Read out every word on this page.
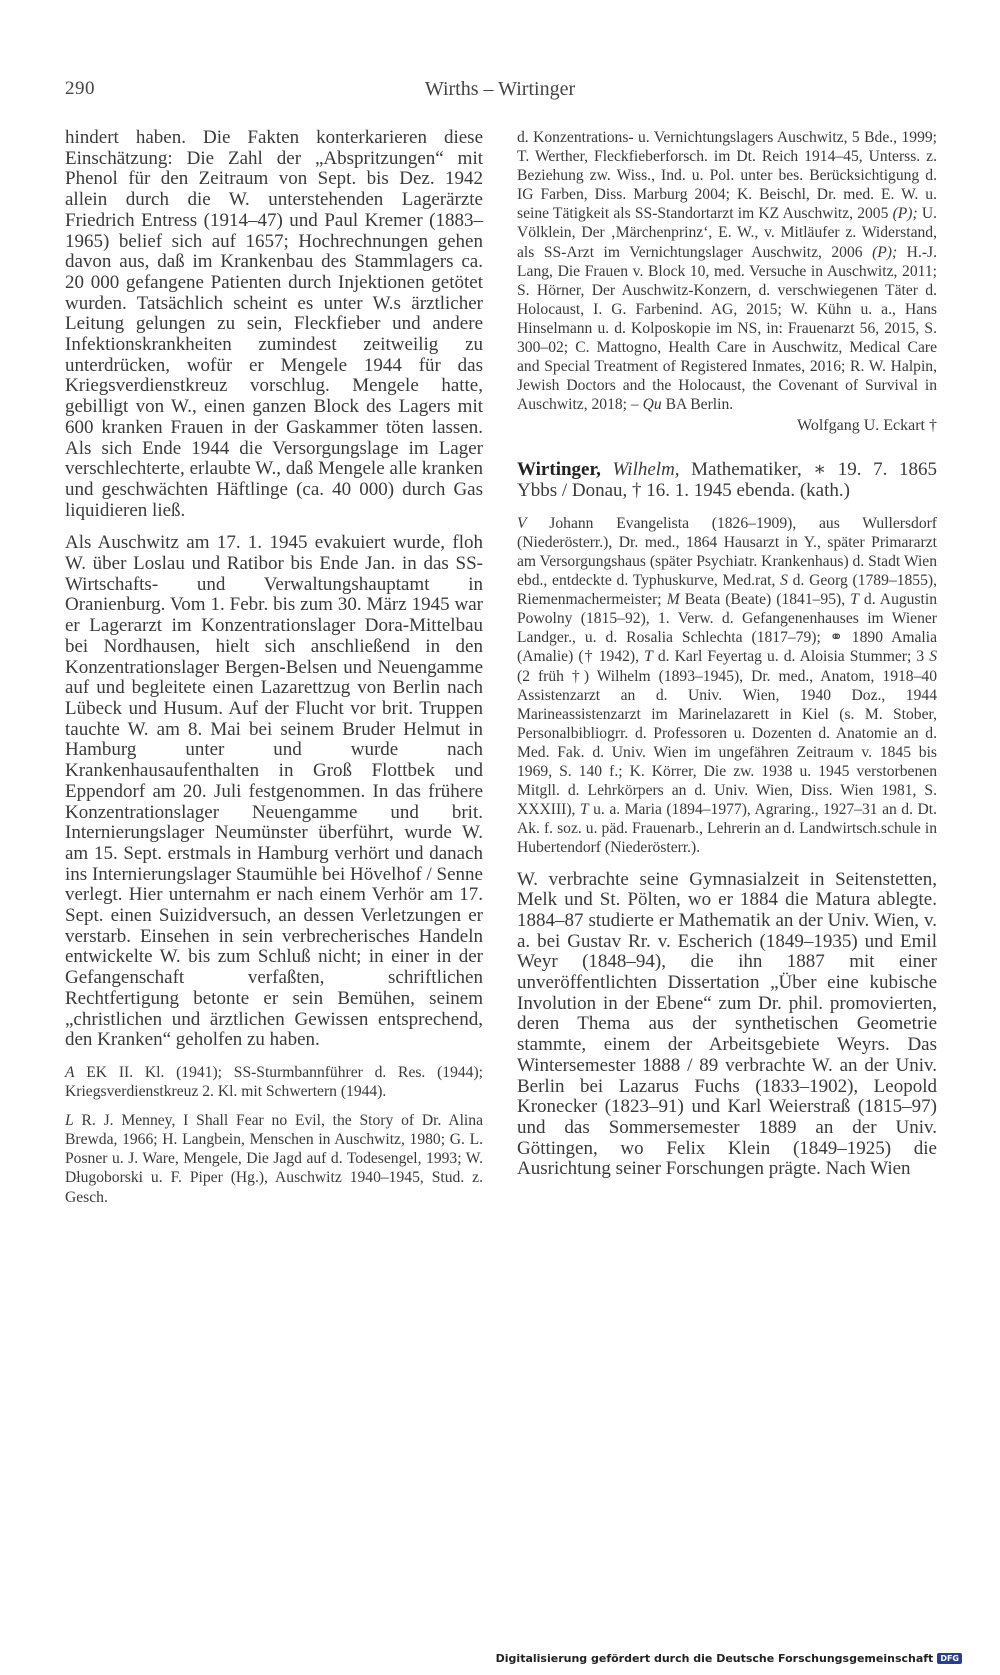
290	Wirths – Wirtinger

hindert haben. Die Fakten konterkarieren diese Einschätzung: Die Zahl der „Abspritzungen“ mit Phenol für den Zeitraum von Sept. bis Dez. 1942 allein durch die W. unterstehenden Lagerärzte Friedrich Entress (1914–47) und Paul Kremer (1883–1965) belief sich auf 1657; Hochrechnungen gehen davon aus, daß im Krankenbau des Stammlagers ca. 20 000 gefangene Patienten durch Injektionen getötet wurden. Tatsächlich scheint es unter W.s ärztlicher Leitung gelungen zu sein, Fleckfieber und andere Infektionskrankheiten zumindest zeitweilig zu unterdrücken, wofür er Mengele 1944 für das Kriegsverdienstkreuz vorschlug. Mengele hatte, gebilligt von W., einen ganzen Block des Lagers mit 600 kranken Frauen in der Gaskammer töten lassen. Als sich Ende 1944 die Versorgungslage im Lager verschlechterte, erlaubte W., daß Mengele alle kranken und geschwächten Häftlinge (ca. 40 000) durch Gas liquidieren ließ.

Als Auschwitz am 17. 1. 1945 evakuiert wurde, floh W. über Loslau und Ratibor bis Ende Jan. in das SS-Wirtschafts- und Verwaltungshauptamt in Oranienburg. Vom 1. Febr. bis zum 30. März 1945 war er Lagerarzt im Konzentrationslager Dora-Mittelbau bei Nordhausen, hielt sich anschließend in den Konzentrationslager Bergen-Belsen und Neuengamme auf und begleitete einen Lazarettzug von Berlin nach Lübeck und Husum. Auf der Flucht vor brit. Truppen tauchte W. am 8. Mai bei seinem Bruder Helmut in Hamburg unter und wurde nach Krankenhausaufenthalten in Groß Flottbek und Eppendorf am 20. Juli festgenommen. In das frühere Konzentrationslager Neuengamme und brit. Internierungslager Neumünster überführt, wurde W. am 15. Sept. erstmals in Hamburg verhört und danach ins Internierungslager Staumühle bei Hövelhof / Senne verlegt. Hier unternahm er nach einem Verhör am 17. Sept. einen Suizidversuch, an dessen Verletzungen er verstarb. Einsehen in sein verbrecherisches Handeln entwickelte W. bis zum Schluß nicht; in einer in der Gefangenschaft verfaßten, schriftlichen Rechtfertigung betonte er sein Bemühen, seinem „christlichen und ärztlichen Gewissen entsprechend, den Kranken“ geholfen zu haben.

A EK II. Kl. (1941); SS-Sturmbannführer d. Res. (1944); Kriegsverdienstkreuz 2. Kl. mit Schwertern (1944).

L R. J. Menney, I Shall Fear no Evil, the Story of Dr. Alina Brewda, 1966; H. Langbein, Menschen in Auschwitz, 1980; G. L. Posner u. J. Ware, Mengele, Die Jagd auf d. Todesengel, 1993; W. Długoborski u. F. Piper (Hg.), Auschwitz 1940–1945, Stud. z. Gesch.

d. Konzentrations- u. Vernichtungslagers Auschwitz, 5 Bde., 1999; T. Werther, Fleckfieberforsch. im Dt. Reich 1914–45, Unterss. z. Beziehung zw. Wiss., Ind. u. Pol. unter bes. Berücksichtigung d. IG Farben, Diss. Marburg 2004; K. Beischl, Dr. med. E. W. u. seine Tätigkeit als SS-Standortarzt im KZ Auschwitz, 2005 (P); U. Völklein, Der ‚Märchenprinz‘, E. W., v. Mitläufer z. Widerstand, als SS-Arzt im Vernichtungslager Auschwitz, 2006 (P); H.-J. Lang, Die Frauen v. Block 10, med. Versuche in Auschwitz, 2011; S. Hörner, Der Auschwitz-Konzern, d. verschwiegenen Täter d. Holocaust, I. G. Farbenind. AG, 2015; W. Kühn u. a., Hans Hinselmann u. d. Kolposkopie im NS, in: Frauenarzt 56, 2015, S. 300–02; C. Mattogno, Health Care in Auschwitz, Medical Care and Special Treatment of Registered Inmates, 2016; R. W. Halpin, Jewish Doctors and the Holocaust, the Covenant of Survival in Auschwitz, 2018; – Qu BA Berlin.

Wolfgang U. Eckart †

Wirtinger, Wilhelm, Mathematiker, ∗ 19. 7. 1865 Ybbs / Donau, † 16. 1. 1945 ebenda. (kath.)

V Johann Evangelista (1826–1909), aus Wullersdorf (Niederösterr.), Dr. med., 1864 Hausarzt in Y., später Primararzt am Versorgungshaus (später Psychiatr. Krankenhaus) d. Stadt Wien ebd., entdeckte d. Typhuskurve, Med.rat, S d. Georg (1789–1855), Riemenmachermeister; M Beata (Beate) (1841–95), T d. Augustin Powolny (1815–92), 1. Verw. d. Gefangenenhauses im Wiener Landger., u. d. Rosalia Schlechta (1817–79); ⚭ 1890 Amalia (Amalie) († 1942), T d. Karl Feyertag u. d. Aloisia Stummer; 3 S (2 früh †) Wilhelm (1893–1945), Dr. med., Anatom, 1918–40 Assistenzarzt an d. Univ. Wien, 1940 Doz., 1944 Marineassistenzarzt im Marinelazarett in Kiel (s. M. Stober, Personalbibliogrr. d. Professoren u. Dozenten d. Anatomie an d. Med. Fak. d. Univ. Wien im ungefähren Zeitraum v. 1845 bis 1969, S. 140 f.; K. Körrer, Die zw. 1938 u. 1945 verstorbenen Mitgll. d. Lehrkörpers an d. Univ. Wien, Diss. Wien 1981, S. XXXIII), T u. a. Maria (1894–1977), Agraring., 1927–31 an d. Dt. Ak. f. soz. u. päd. Frauenarb., Lehrerin an d. Landwirtsch.schule in Hubertendorf (Niederösterr.).

W. verbrachte seine Gymnasialzeit in Seitenstetten, Melk und St. Pölten, wo er 1884 die Matura ablegte. 1884–87 studierte er Mathematik an der Univ. Wien, v. a. bei Gustav Rr. v. Escherich (1849–1935) und Emil Weyr (1848–94), die ihn 1887 mit einer unveröffentlichten Dissertation „Über eine kubische Involution in der Ebene“ zum Dr. phil. promovierten, deren Thema aus der synthetischen Geometrie stammte, einem der Arbeitsgebiete Weyrs. Das Wintersemester 1888 / 89 verbrachte W. an der Univ. Berlin bei Lazarus Fuchs (1833–1902), Leopold Kronecker (1823–91) und Karl Weierstraß (1815–97) und das Sommersemester 1889 an der Univ. Göttingen, wo Felix Klein (1849–1925) die Ausrichtung seiner Forschungen prägte. Nach Wien

Digitalisierung gefördert durch die Deutsche Forschungsgemeinschaft DFG
